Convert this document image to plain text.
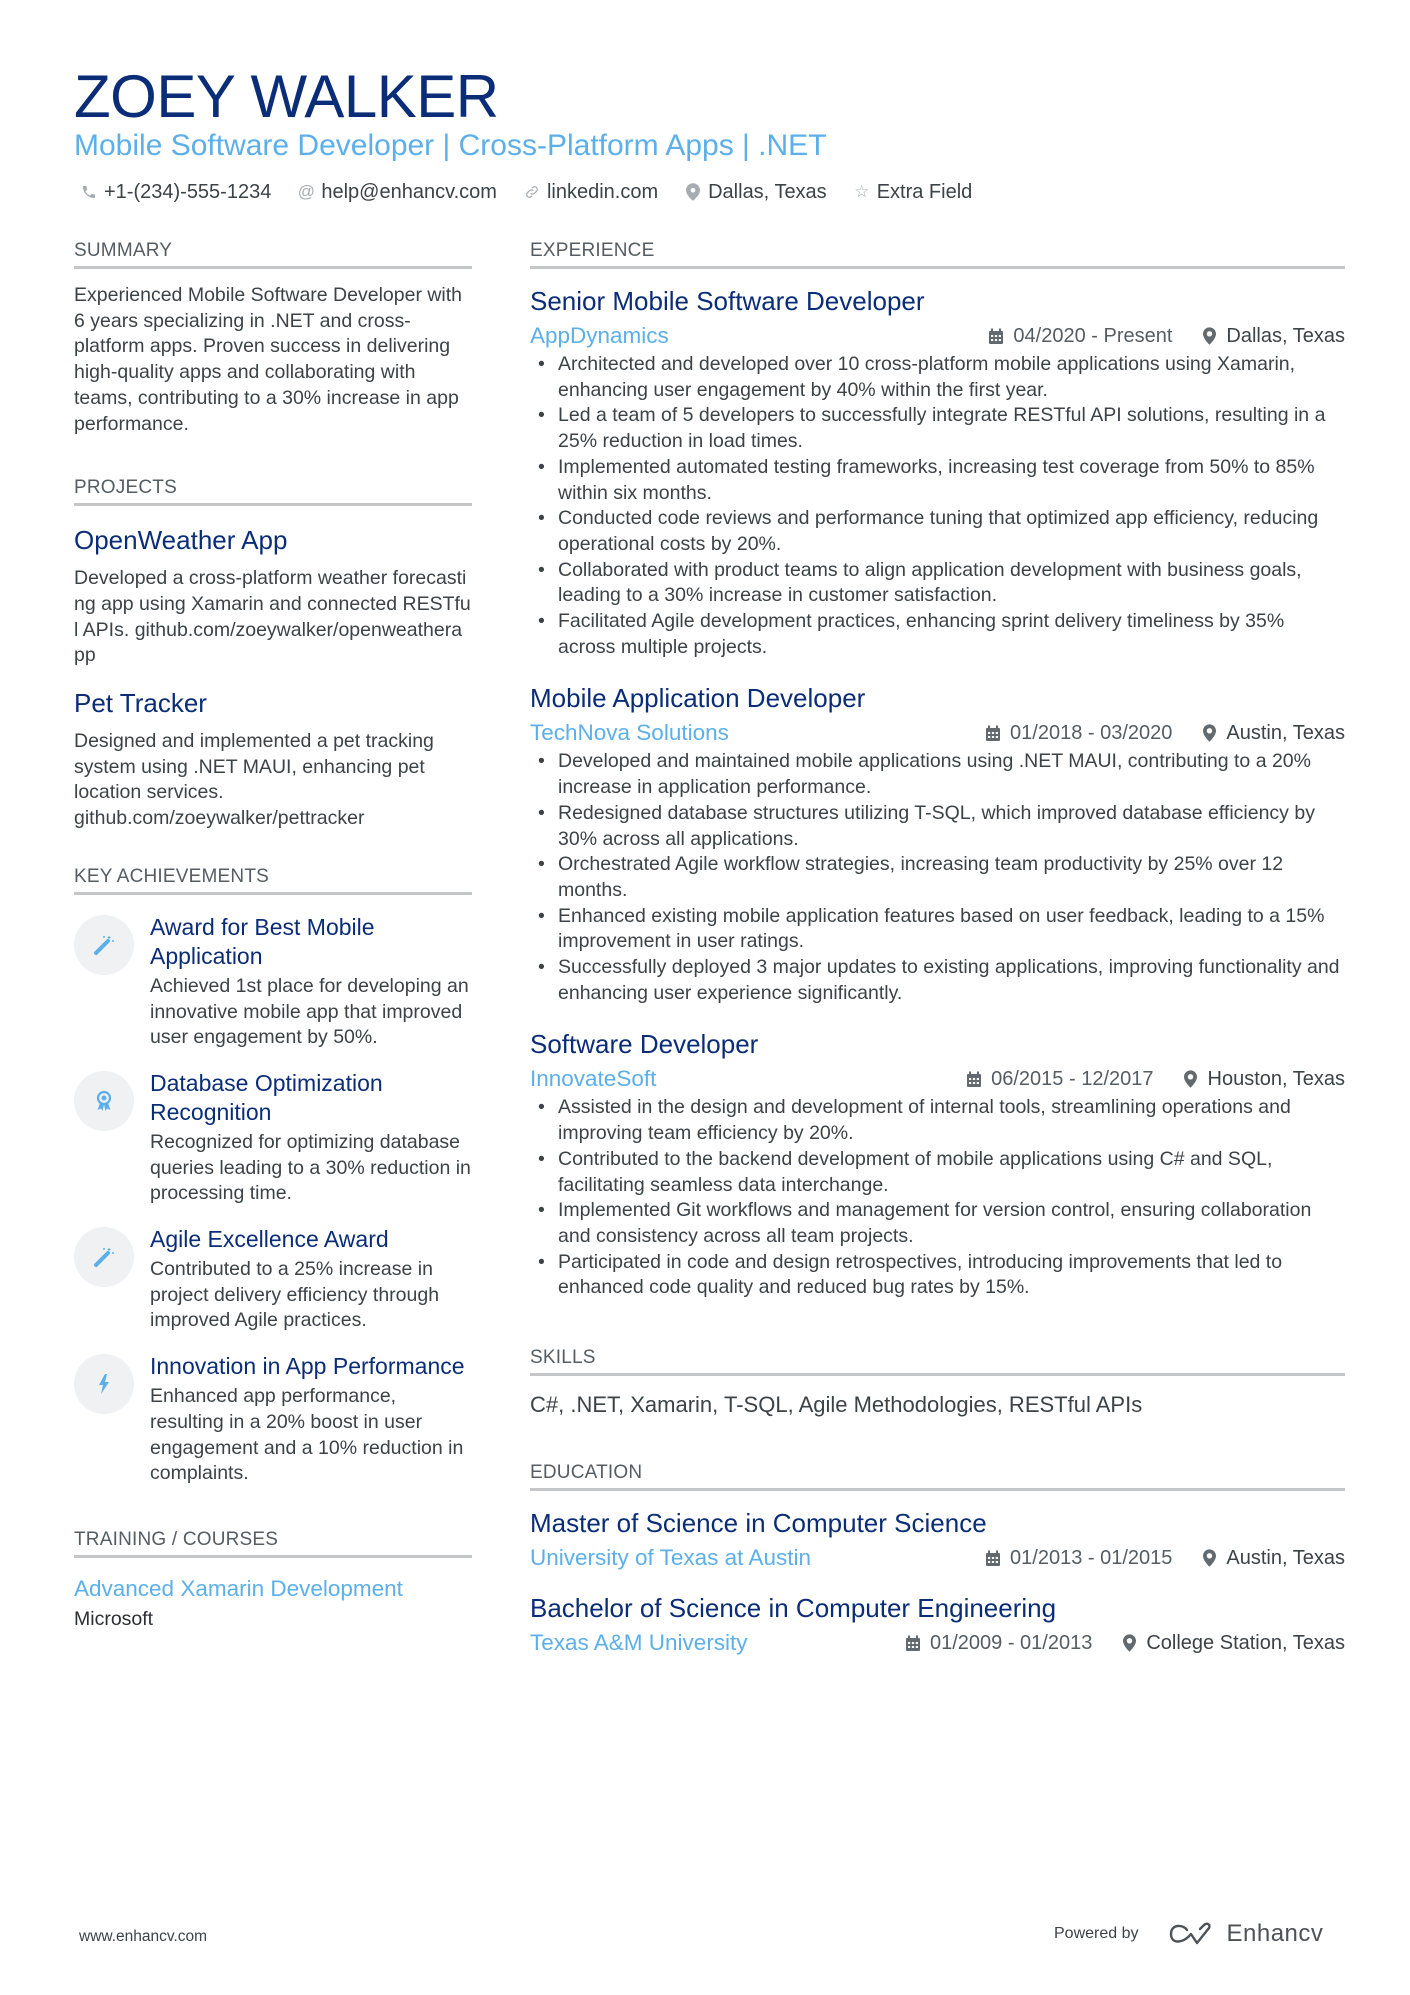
ZOEY WALKER
Mobile Software Developer | Cross-Platform Apps | .NET
+1-(234)-555-1234 @ help@enhancv.com	linkedin.com	Dallas, Texas ☆ Extra Field
SUMMARY
Experienced Mobile Software Developer with 6 years specializing in .NET and cross-platform apps. Proven success in delivering high-quality apps and collaborating with teams, contributing to a 30% increase in app performance.
PROJECTS
OpenWeather App
Developed a cross-platform weather forecasting app using Xamarin and connected RESTful APIs. github.com/zoeywalker/openweatherapp
Pet Tracker
Designed and implemented a pet tracking system using .NET MAUI, enhancing pet location services. github.com/zoeywalker/pettracker
KEY ACHIEVEMENTS
Award for Best Mobile Application
Achieved 1st place for developing an innovative mobile app that improved user engagement by 50%.
Database Optimization Recognition
Recognized for optimizing database queries leading to a 30% reduction in processing time.
Agile Excellence Award
Contributed to a 25% increase in project delivery efficiency through improved Agile practices.
Innovation in App Performance
Enhanced app performance, resulting in a 20% boost in user engagement and a 10% reduction in complaints.
TRAINING / COURSES
Advanced Xamarin Development
Microsoft
EXPERIENCE
Senior Mobile Software Developer
AppDynamics	04/2020 - Present	Dallas, Texas
• Architected and developed over 10 cross-platform mobile applications using Xamarin, enhancing user engagement by 40% within the first year.
• Led a team of 5 developers to successfully integrate RESTful API solutions, resulting in a 25% reduction in load times.
• Implemented automated testing frameworks, increasing test coverage from 50% to 85% within six months.
• Conducted code reviews and performance tuning that optimized app efficiency, reducing operational costs by 20%.
• Collaborated with product teams to align application development with business goals, leading to a 30% increase in customer satisfaction.
• Facilitated Agile development practices, enhancing sprint delivery timeliness by 35% across multiple projects.
Mobile Application Developer
TechNova Solutions	01/2018 - 03/2020	Austin, Texas
• Developed and maintained mobile applications using .NET MAUI, contributing to a 20% increase in application performance.
• Redesigned database structures utilizing T-SQL, which improved database efficiency by 30% across all applications.
• Orchestrated Agile workflow strategies, increasing team productivity by 25% over 12 months.
• Enhanced existing mobile application features based on user feedback, leading to a 15% improvement in user ratings.
• Successfully deployed 3 major updates to existing applications, improving functionality and enhancing user experience significantly.
Software Developer
InnovateSoft	06/2015 - 12/2017	Houston, Texas
• Assisted in the design and development of internal tools, streamlining operations and improving team efficiency by 20%.
• Contributed to the backend development of mobile applications using C# and SQL, facilitating seamless data interchange.
• Implemented Git workflows and management for version control, ensuring collaboration and consistency across all team projects.
• Participated in code and design retrospectives, introducing improvements that led to enhanced code quality and reduced bug rates by 15%.
SKILLS
C#, .NET, Xamarin, T-SQL, Agile Methodologies, RESTful APIs
EDUCATION
Master of Science in Computer Science
University of Texas at Austin	01/2013 - 01/2015	Austin, Texas
Bachelor of Science in Computer Engineering
Texas A&M University	01/2009 - 01/2013	College Station, Texas
www.enhancv.com	Powered by	Enhancv
